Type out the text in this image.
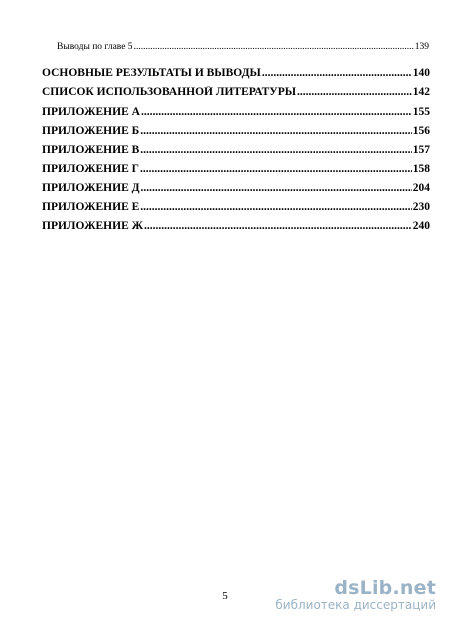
Выводы по главе 5 .....	139
ОСНОВНЫЕ РЕЗУЛЬТАТЫ И ВЫВОДЫ .....	140
СПИСОК ИСПОЛЬЗОВАННОЙ ЛИТЕРАТУРЫ .....	142
ПРИЛОЖЕНИЕ А .....	155
ПРИЛОЖЕНИЕ Б .....	156
ПРИЛОЖЕНИЕ В .....	157
ПРИЛОЖЕНИЕ Г .....	158
ПРИЛОЖЕНИЕ Д .....	204
ПРИЛОЖЕНИЕ Е .....	230
ПРИЛОЖЕНИЕ Ж .....	240
5	dsLib.net
библиотека диссертаций
